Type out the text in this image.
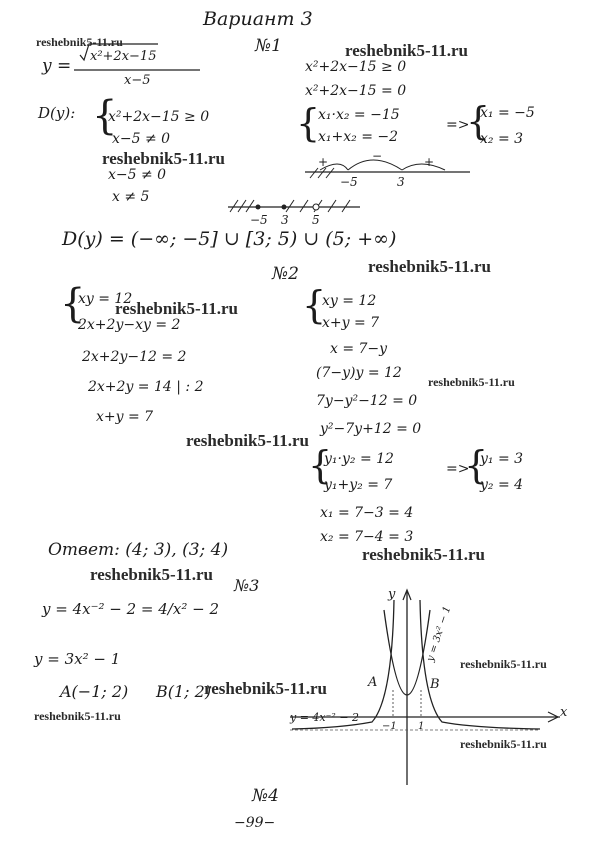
Вариант 3
№1
y = x²+2x−15
x−5
D(y): {
x²+2x−15 ≥ 0
x−5 ≠ 0
x−5 ≠ 0
x ≠ 5
x²+2x−15 ≥ 0
x²+2x−15 = 0
{
x₁·x₂ = −15
x₁+x₂ = −2
=>
{
x₁ = −5
x₂ = 3
+	−	+
−5	3
−5 3 5
D(y) = (−∞; −5] ∪ [3; 5) ∪ (5; +∞)
№2
{
xy = 12
2x+2y−xy = 2
2x+2y−12 = 2
2x+2y = 14 | : 2
x+y = 7
{
xy = 12
x+y = 7
x = 7−y
(7−y)y = 12
7y−y²−12 = 0
y²−7y+12 = 0
{
y₁·y₂ = 12
y₁+y₂ = 7
=>
{
y₁ = 3
y₂ = 4
x₁ = 7−3 = 4
x₂ = 7−4 = 3
Ответ: (4; 3), (3; 4)
№3
y = 4x⁻² − 2 = 4/x² − 2
y = 3x² − 1
A(−1; 2) B(1; 2)
y
x
y = 4x⁻² − 2
y = 3x² − 1
A	B
−1 1
№4
−99−
reshebnik5-11.ru	reshebnik5-11.ru
reshebnik5-11.ru
reshebnik5-11.ru
reshebnik5-11.ru
reshebnik5-11.ru
reshebnik5-11.ru
reshebnik5-11.ru
reshebnik5-11.ru
reshebnik5-11.ru
reshebnik5-11.ru
reshebnik5-11.ru
reshebnik5-11.ru
